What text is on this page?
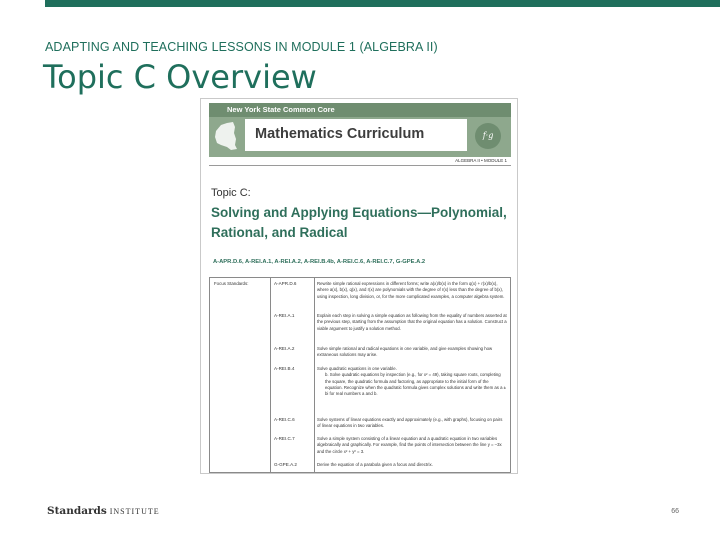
ADAPTING AND TEACHING LESSONS IN MODULE 1 (ALGEBRA II)
Topic C Overview
New York State Common Core
Mathematics Curriculum	f·g
ALGEBRA II • MODULE 1
Topic C:
Solving and Applying Equations—Polynomial, Rational, and Radical
A-APR.D.6, A-REI.A.1, A-REI.A.2, A-REI.B.4b, A-REI.C.6, A-REI.C.7, G-GPE.A.2
Focus Standards:	A-APR.D.6	Rewrite simple rational expressions in different forms; write a(x)/b(x) in the form q(x) + r(x)/b(x), where a(x), b(x), q(x), and r(x) are polynomials with the degree of r(x) less than the degree of b(x), using inspection, long division, or, for the more complicated examples, a computer algebra system.
A-REI.A.1	Explain each step in solving a simple equation as following from the equality of numbers asserted at the previous step, starting from the assumption that the original equation has a solution. Construct a viable argument to justify a solution method.
A-REI.A.2	Solve simple rational and radical equations in one variable, and give examples showing how extraneous solutions may arise.
A-REI.B.4	Solve quadratic equations in one variable.
b. Solve quadratic equations by inspection (e.g., for x² = 49), taking square roots, completing the square, the quadratic formula and factoring, as appropriate to the initial form of the equation. Recognize when the quadratic formula gives complex solutions and write them as a ± bi for real numbers a and b.
A-REI.C.6	Solve systems of linear equations exactly and approximately (e.g., with graphs), focusing on pairs of linear equations in two variables.
A-REI.C.7	Solve a simple system consisting of a linear equation and a quadratic equation in two variables algebraically and graphically. For example, find the points of intersection between the line y = –3x and the circle x² + y² = 3.
G-GPE.A.2	Derive the equation of a parabola given a focus and directrix.
Standards INSTITUTE	66
